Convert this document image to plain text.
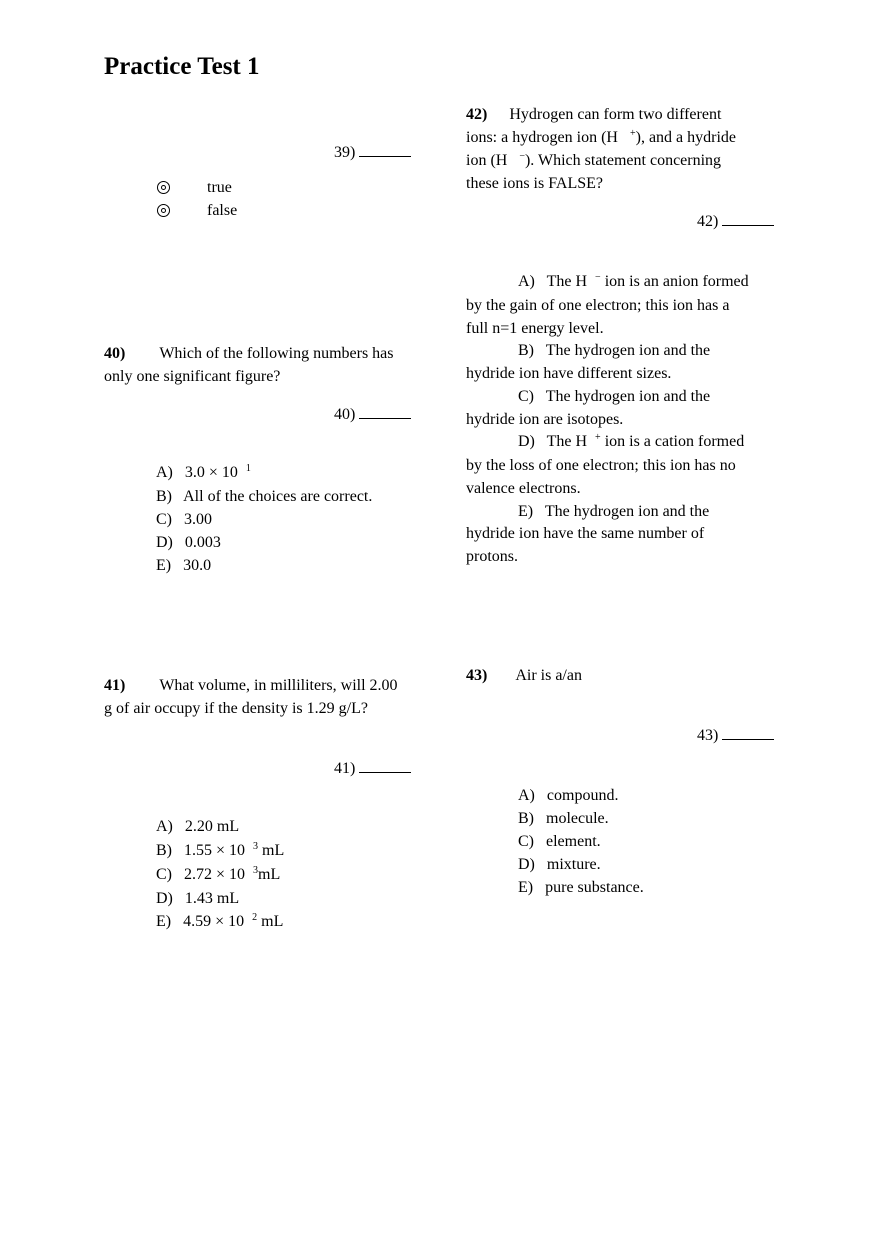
Practice Test 1
39)
true
false
40) Which of the following numbers has
only one significant figure?
40)
A) 3.0 × 10 $^1$
B) All of the choices are correct.
C) 3.00
D) 0.003
E) 30.0
41) What volume, in milliliters, will 2.00
g of air occupy if the density is 1.29 g/L?
41)
A) 2.20 mL
B) 1.55 × 10 $^3$ mL
C) 2.72 × 10 $^3$mL
D) 1.43 mL
E) 4.59 × 10 $^2$ mL
42) Hydrogen can form two different
ions: a hydrogen ion (H +), and a hydride
ion (H −). Which statement concerning
these ions is FALSE?
42)
A) The H − ion is an anion formed
by the gain of one electron; this ion has a
full n=1 energy level.
B) The hydrogen ion and the
hydride ion have different sizes.
C) The hydrogen ion and the
hydride ion are isotopes.
D) The H + ion is a cation formed
by the loss of one electron; this ion has no
valence electrons.
E) The hydrogen ion and the
hydride ion have the same number of
protons.
43) Air is a/an
43)
A) compound.
B) molecule.
C) element.
D) mixture.
E) pure substance.
